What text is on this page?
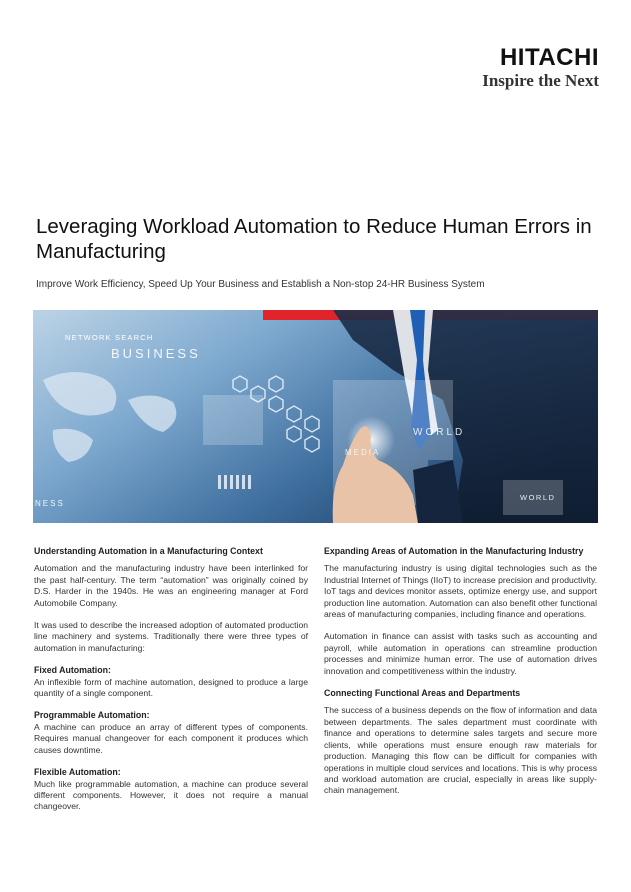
HITACHI
Inspire the Next
Leveraging Workload Automation to Reduce Human Errors in Manufacturing
Improve Work Efficiency, Speed Up Your Business and Establish a Non-stop 24-HR Business System
NETWORK SEARCH
BUSINESS
WORLD
MEDIA
WORLD
NESS

Understanding Automation in a Manufacturing Context

Automation and the manufacturing industry have been interlinked for the past half-century. The term “automation” was originally coined by D.S. Harder in the 1940s. He was an engineering manager at Ford Automobile Company.

It was used to describe the increased adoption of automated production line machinery and systems. Traditionally there were three types of automation in manufacturing:

Fixed Automation:

An inflexible form of machine automation, designed to produce a large quantity of a single component.

Programmable Automation:

A machine can produce an array of different types of components. Requires manual changeover for each component it produces which causes downtime.

Flexible Automation:

Much like programmable automation, a machine can produce several different components. However, it does not require a manual changeover.

Expanding Areas of Automation in the Manufacturing Industry

The manufacturing industry is using digital technologies such as the Industrial Internet of Things (IIoT) to increase precision and productivity. IoT tags and devices monitor assets, optimize energy use, and support production line automation. Automation can also benefit other functional areas of manufacturing companies, including finance and operations.

Automation in finance can assist with tasks such as accounting and payroll, while automation in operations can streamline production processes and minimize human error. The use of automation drives innovation and competitiveness within the industry.

Connecting Functional Areas and Departments

The success of a business depends on the flow of information and data between departments. The sales department must coordinate with finance and operations to determine sales targets and secure more clients, while operations must ensure enough raw materials for production. Managing this flow can be difficult for companies with operations in multiple cloud services and locations. This is why process and workload automation are crucial, especially in areas like supply-chain management.
